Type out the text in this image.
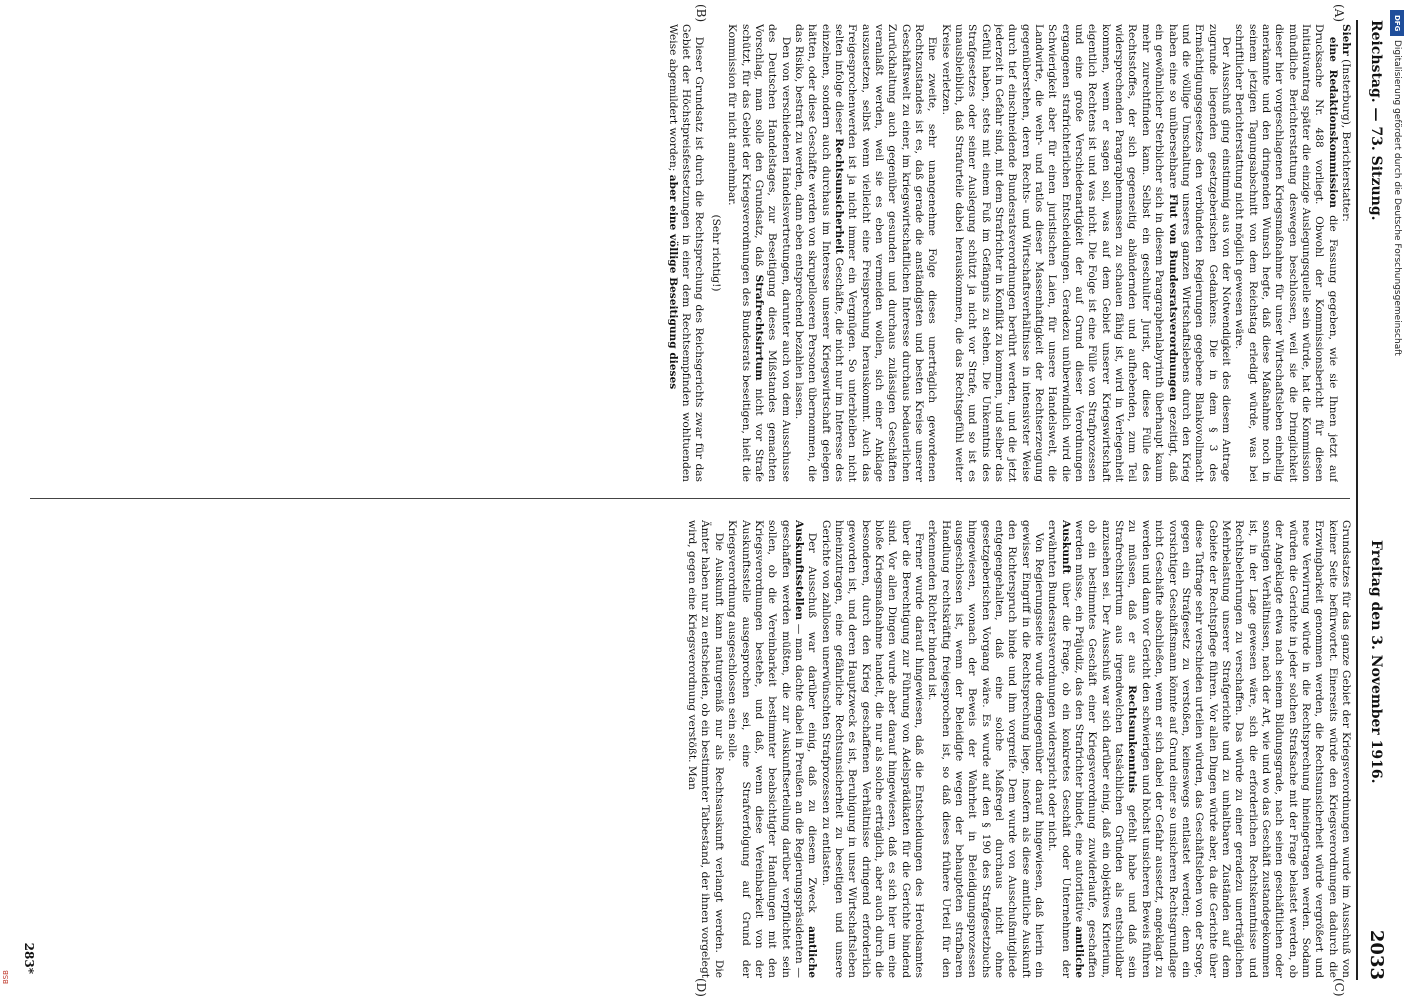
Reichstag. — 73. Sitzung.
Freitag den 3. November 1916.
2033
(A)
(B)
(C)
(D)

Siehr (Insterburg), Berichterstatter:

eine Redaktionskommission die Fassung gegeben, wie sie Ihnen jetzt auf Drucksache Nr. 488 vorliegt. Obwohl der Kommissionsbericht für diesen Initiativantrag später die einzige Auslegungsquelle sein würde, hat die Kommission mündliche Berichterstattung deswegen beschlossen, weil sie die Dringlichkeit dieser hier vorgeschlagenen Kriegsmaßnahme für unser Wirtschaftsleben einhellig anerkannte und den dringenden Wunsch hegte, daß diese Maßnahme noch in seinem jetzigen Tagungsabschnitt von dem Reichstag erledigt würde, was bei schriftlicher Berichterstattung nicht möglich gewesen wäre.

Der Ausschuß ging einstimmig aus von der Notwendigkeit des diesem Antrage zugrunde liegenden gesetzgeberischen Gedankens. Die in dem § 3 des Ermächtigungsgesetzes den verbündeten Regierungen gegebene Blankovollmacht und die völlige Umschaltung unseres ganzen Wirtschaftslebens durch den Krieg haben eine so unübersehbare Flut von Bundesratsverordnungen gezeitigt, daß ein gewöhnlicher Sterblicher sich in diesem Paragraphenlabyrinth überhaupt kaum mehr zurechtfinden kann. Selbst ein geschulter Jurist, der diese Fülle des Rechtsstoffes, der sich gegenseitig abändernden und aufhebenden, zum Teil widersprechenden Paragraphenmassen zu schauen fähig ist, wird in Verlegenheit kommen, wenn er sagen soll, was auf dem Gebiet unserer Kriegswirtschaft eigentlich Rechtens ist und was nicht. Die Folge ist eine Fülle von Strafprozessen und eine große Verschiedenartigkeit der auf Grund dieser Verordnungen ergangenen strafrichterlichen Entscheidungen. Geradezu unüberwindlich wird die Schwierigkeit aber für einen juristischen Laien, für unsere Handelswelt, die Landwirte, die wehr- und ratlos dieser Massenhaftigkeit der Rechtserzeugung gegenüberstehen, deren Rechts- und Wirtschaftsverhältnisse in intensivster Weise durch tief einschneidende Bundesratsverordnungen berührt werden, und die jetzt jederzeit in Gefahr sind, mit dem Strafrichter in Konflikt zu kommen, und selber das Gefühl haben, stets mit einem Fuß im Gefängnis zu stehen. Die Unkenntnis des Strafgesetzes oder seiner Auslegung schützt ja nicht vor Strafe, und so ist es unausbleiblich, daß Strafurteile dabei herauskommen, die das Rechtsgefühl weiter Kreise verletzen.

Eine zweite, sehr unangenehme Folge dieses unerträglich gewordenen Rechtszustandes ist es, daß gerade die anständigsten und besten Kreise unserer Geschäftswelt zu einer, im kriegswirtschaftlichen Interesse durchaus bedauerlichen Zurückhaltung auch gegenüber gesunden und durchaus zulässigen Geschäften veranlaßt werden, weil sie es eben vermeiden wollen, sich einer Anklage auszusetzen, selbst wenn vielleicht eine Freisprechung herauskommt. Auch das Freigesprochenwerden ist ja nicht immer ein Vergnügen. So unterbleiben nicht selten infolge dieser Rechtsunsicherheit Geschäfte, die nicht nur im Interesse des einzelnen, sondern auch durchaus im Interesse unserer Kriegswirtschaft gelegen hätten, oder diese Geschäfte werden von skrupelloseren Personen übernommen, die das Risiko, bestraft zu werden, dann eben entsprechend bezahlen lassen.

Den von verschiedenen Handelsvertretungen, darunter auch von dem Ausschusse des Deutschen Handelstages, zur Beseitigung dieses Mißstandes gemachten Vorschlag, man solle den Grundsatz, daß Strafrechtsirrtum nicht vor Strafe schützt, für das Gebiet der Kriegsverordnungen des Bundesrats beseitigen, hielt die Kommission für nicht annehmbar.

(Sehr richtig!)

Dieser Grundsatz ist durch die Rechtsprechung des Reichsgerichts zwar für das Gebiet der Höchstpreisfestsetzungen in einer dem Rechtsempfinden wohltuenden Weise abgemildert worden; aber eine völlige Beseitigung dieses

Grundsatzes für das ganze Gebiet der Kriegsverordnungen wurde im Ausschuß von keiner Seite befürwortet. Einerseits würde den Kriegsverordnungen dadurch die Erzwingbarkeit genommen werden, die Rechtsunsicherheit würde vergrößert und neue Verwirrung würde in die Rechtsprechung hineingetragen werden. Sodann würden die Gerichte in jeder solchen Strafsache mit der Frage belastet werden, ob der Angeklagte etwa nach seinem Bildungsgrade, nach seinen geschäftlichen oder sonstigen Verhältnissen, nach der Art, wie und wo das Geschäft zustandegekommen ist, in der Lage gewesen wäre, sich die erforderlichen Rechtskenntnisse und Rechtsbelehrungen zu verschaffen. Das würde zu einer geradezu unerträglichen Mehrbelastung unserer Strafgerichte und zu unhaltbaren Zuständen auf dem Gebiete der Rechtspflege führen. Vor allen Dingen würde aber, da die Gerichte über diese Tatfrage sehr verschieden urteilen würden, das Geschäftsleben von der Sorge, gegen ein Strafgesetz zu verstoßen, keineswegs entlastet werden; denn ein vorsichtiger Geschäftsmann könnte auf Grund einer so unsicheren Rechtsgrundlage nicht Geschäfte abschließen, wenn er sich dabei der Gefahr aussetzt, angeklagt zu werden und dann vor Gericht den schwierigen und höchst unsicheren Beweis führen zu müssen, daß er aus Rechtsunkenntnis gefehlt habe und daß sein Strafrechtsirrtum aus irgendwelchen tatsächlichen Gründen als entschuldbar anzusehen sei. Der Ausschuß war sich darüber einig, daß ein objektives Kriterium, ob ein bestimmtes Geschäft einer Kriegsverordnung zuwiderlaufe, geschaffen werden müsse, ein Präjudiz, das den Strafrichter bindet, eine autoritative amtliche Auskunft über die Frage, ob ein konkretes Geschäft oder Unternehmen der erwähnten Bundesratsverordnungen widerspricht oder nicht.

Von Regierungsseite wurde demgegenüber darauf hingewiesen, daß hierin ein gewisser Eingriff in die Rechtsprechung liege, insofern als diese amtliche Auskunft den Richterspruch binde und ihm vorgreife. Dem wurde von Ausschußmitgliede entgegengehalten, daß eine solche Maßregel durchaus nicht ohne gesetzgeberischen Vorgang wäre. Es wurde auf den § 190 des Strafgesetzbuchs hingewiesen, wonach der Beweis der Wahrheit in Beleidigungsprozessen ausgeschlossen ist, wenn der Beleidigte wegen der behaupteten strafbaren Handlung rechtskräftig freigesprochen ist, so daß dieses frühere Urteil für den erkennenden Richter bindend ist.

Ferner wurde darauf hingewiesen, daß die Entscheidungen des Heroldsamtes über die Berechtigung zur Führung von Adelsprädikaten für die Gerichte bindend sind. Vor allen Dingen wurde aber darauf hingewiesen, daß es sich hier um eine bloße Kriegsmaßnahme handelt, die nur als solche erträglich, aber auch durch die besonderen, durch den Krieg geschaffenen Verhältnisse dringend erforderlich geworden ist, und deren Hauptzweck es ist, Beruhigung in unser Wirtschaftsleben hineinzutragen, eine gefährliche Rechtsunsicherheit zu beseitigen und unsere Gerichte von zahllosen unerwünschten Strafprozessen zu entlasten.

Der Ausschuß war darüber einig, daß zu diesem Zweck amtliche Auskunftsstellen — man dachte dabei in Preußen an die Regierungspräsidenten — geschaffen werden müßten, die zur Auskunftserteilung darüber verpflichtet sein sollen, ob die Vereinbarkeit bestimmter beabsichtigter Handlungen mit den Kriegsverordnungen bestehe, und daß, wenn diese Vereinbarkeit von der Auskunftsstelle ausgesprochen sei, eine Strafverfolgung auf Grund der Kriegsverordnung ausgeschlossen sein solle.

Die Auskunft kann naturgemäß nur als Rechtsauskunft verlangt werden. Die Ämter haben nur zu entscheiden, ob ein bestimmter Tatbestand, der ihnen vorgelegt wird, gegen eine Kriegsverordnung verstößt. Man

283*
BSB
DFG
Digitalisierung gefördert durch die Deutsche Forschungsgemeinschaft
